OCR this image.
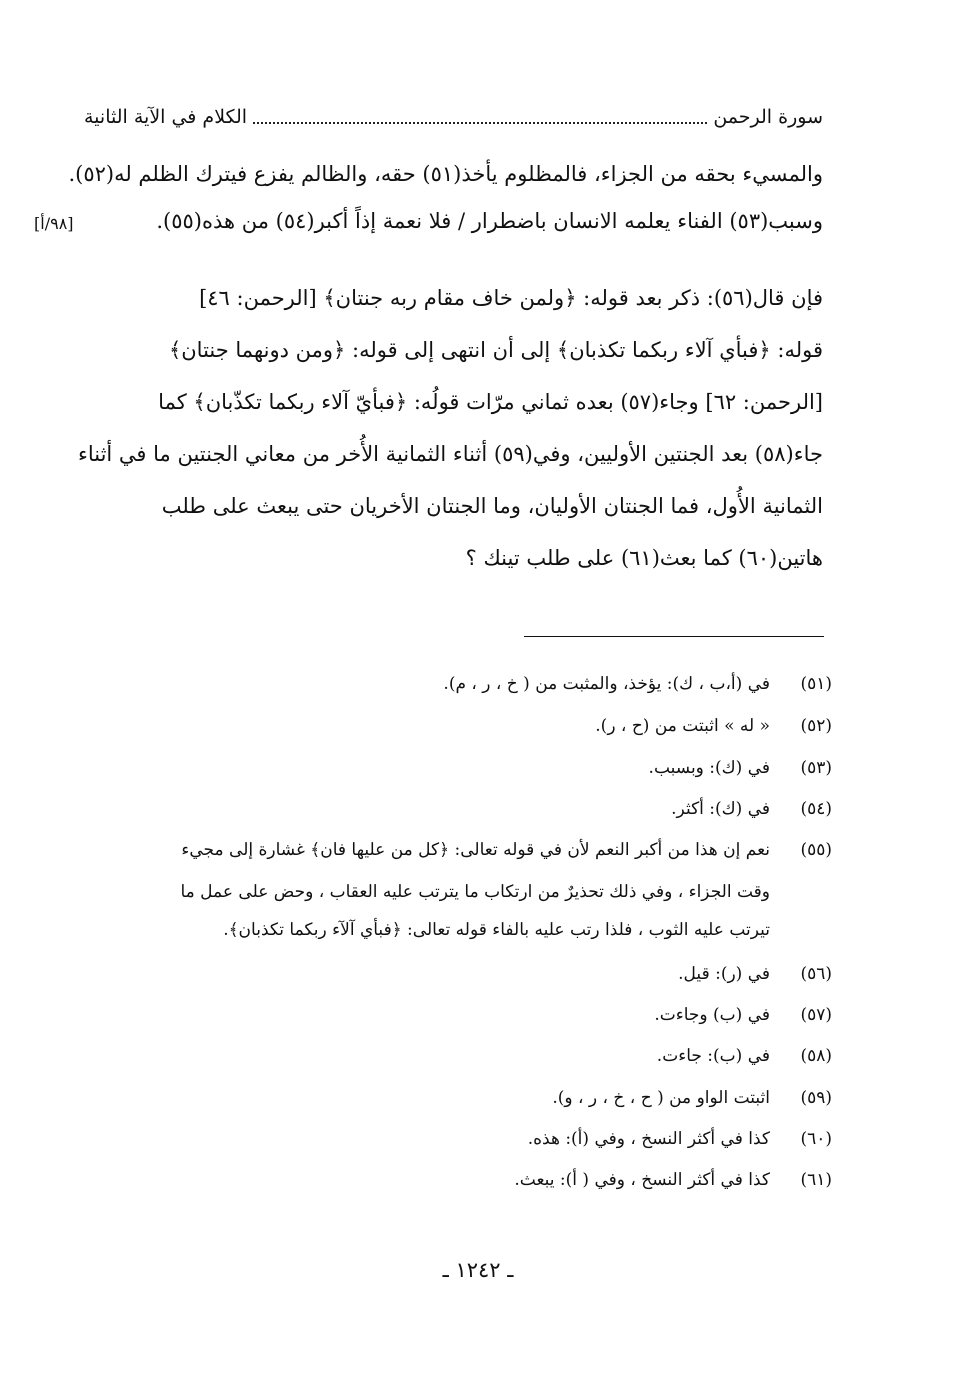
سورة الرحمن
الكلام في الآية الثانية
[٩٨/أ]
والمسيء بحقه من الجزاء، فالمظلوم يأخذ(٥١) حقه، والظالم يفزع فيترك الظلم له(٥٢).
وسبب(٥٣) الفناء يعلمه الانسان باضطرار / فلا نعمة إذاً أكبر(٥٤) من هذه(٥٥).
فإن قال(٥٦): ذكر بعد قوله: ﴿ولمن خاف مقام ربه جنتان﴾ [الرحمن: ٤٦]
قوله: ﴿فبأي آلاء ربكما تكذبان﴾ إلى أن انتهى إلى قوله: ﴿ومن دونهما جنتان﴾
[الرحمن: ٦٢] وجاء(٥٧) بعده ثماني مرّات قولُه: ﴿فبأيّ آلاء ربكما تكذّبان﴾ كما
جاء(٥٨) بعد الجنتين الأوليين، وفي(٥٩) أثناء الثمانية الأُخر من معاني الجنتين ما في أثناء
الثمانية الأُول، فما الجنتان الأوليان، وما الجنتان الأخريان حتى يبعث على طلب
هاتين(٦٠) كما بعث(٦١) على طلب تينك ؟
(٥١)في (أ،ب ، ك): يؤخذ، والمثبت من ( خ ، ر ، م).
(٥٢)« له » اثبتت من (ح ، ر).
(٥٣)في (ك): وبسبب.
(٥٤)في (ك): أكثر.
(٥٥)نعم إن هذا من أكبر النعم لأن في قوله تعالى: ﴿كل من عليها فان﴾ غشارة إلى مجيء
وقت الجزاء ، وفي ذلك تحذيرٌ من ارتكاب ما يترتب عليه العقاب ، وحض على عمل ما
تيرتب عليه الثوب ، فلذا رتب عليه بالفاء قوله تعالى: ﴿فبأي آلآء ربكما تكذبان﴾.
(٥٦)في (ر): قيل.
(٥٧)في (ب) وجاءت.
(٥٨)في (ب): جاءت.
(٥٩)اثبتت الواو من ( ح ، خ ، ر ، و).
(٦٠)كذا في أكثر النسخ ، وفي (أ): هذه.
(٦١)كذا في أكثر النسخ ، وفي ( أ): يبعث.
ـ ١٢٤٢ ـ
